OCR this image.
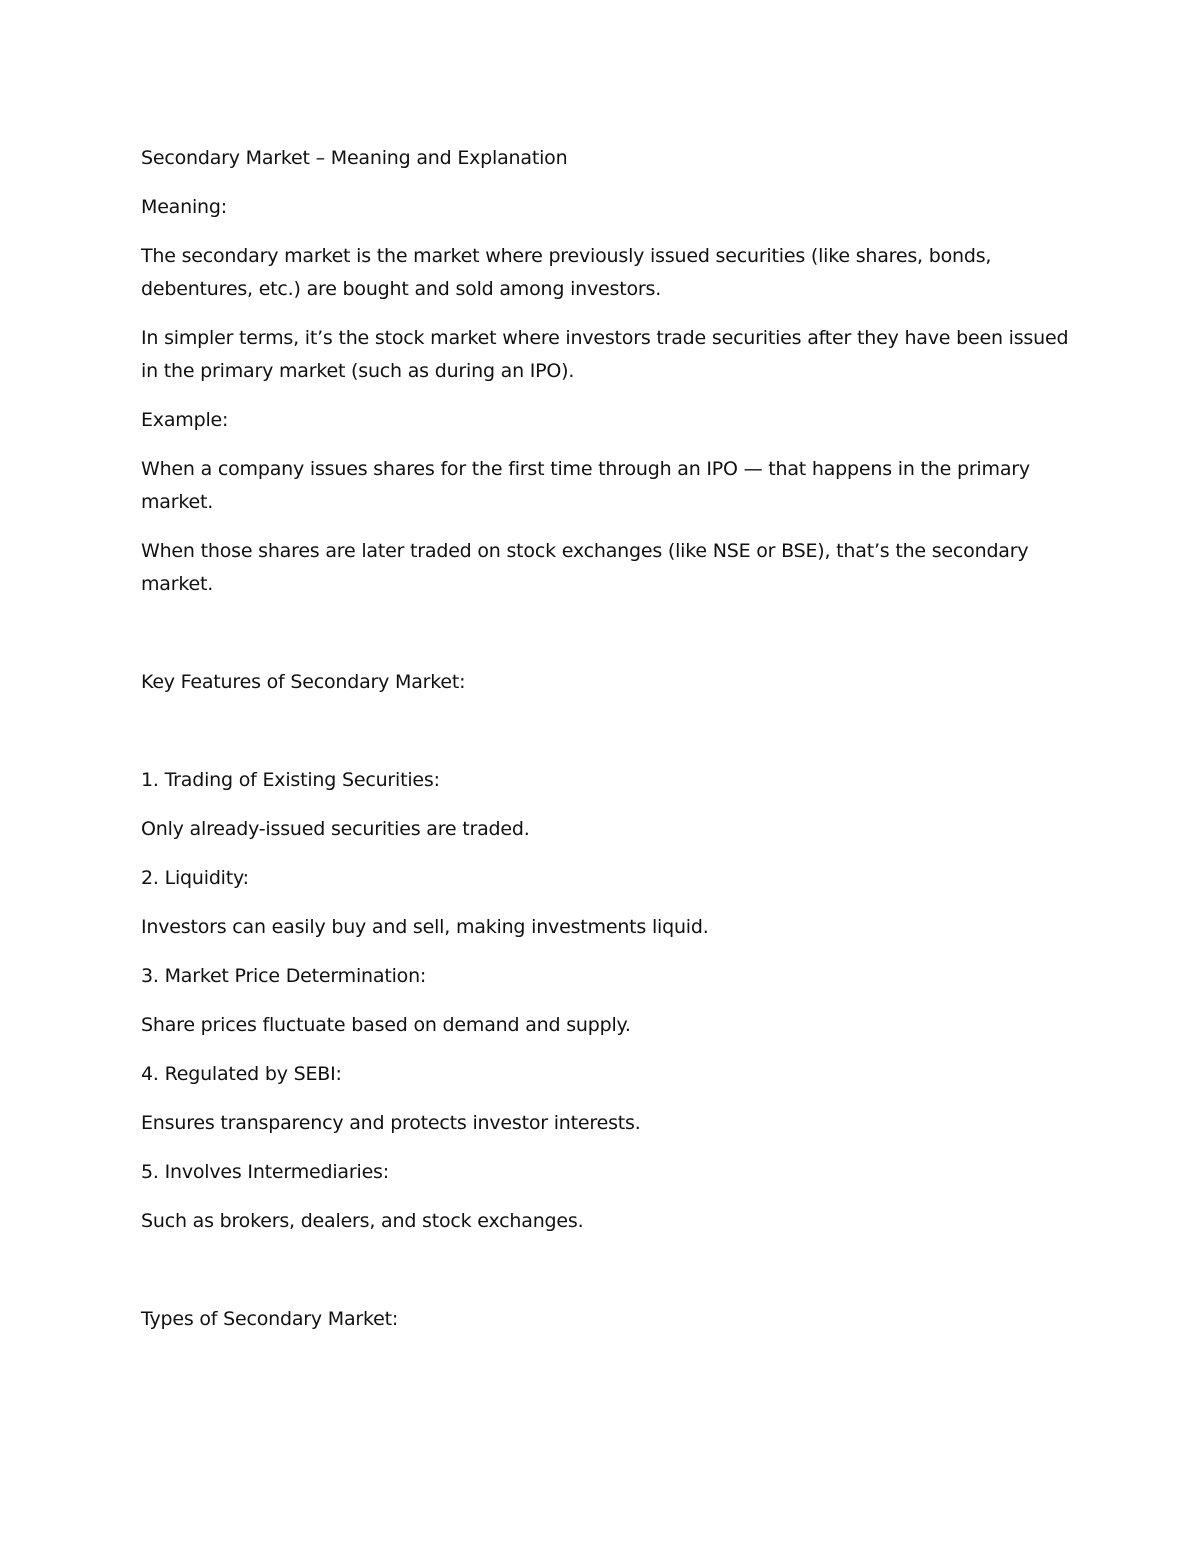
Secondary Market – Meaning and Explanation

Meaning:

The secondary market is the market where previously issued securities (like shares, bonds, debentures, etc.) are bought and sold among investors.

In simpler terms, it’s the stock market where investors trade securities after they have been issued in the primary market (such as during an IPO).

Example:

When a company issues shares for the first time through an IPO — that happens in the primary market.

When those shares are later traded on stock exchanges (like NSE or BSE), that’s the secondary market.

Key Features of Secondary Market:

1. Trading of Existing Securities:

Only already-issued securities are traded.

2. Liquidity:

Investors can easily buy and sell, making investments liquid.

3. Market Price Determination:

Share prices fluctuate based on demand and supply.

4. Regulated by SEBI:

Ensures transparency and protects investor interests.

5. Involves Intermediaries:

Such as brokers, dealers, and stock exchanges.

Types of Secondary Market:
